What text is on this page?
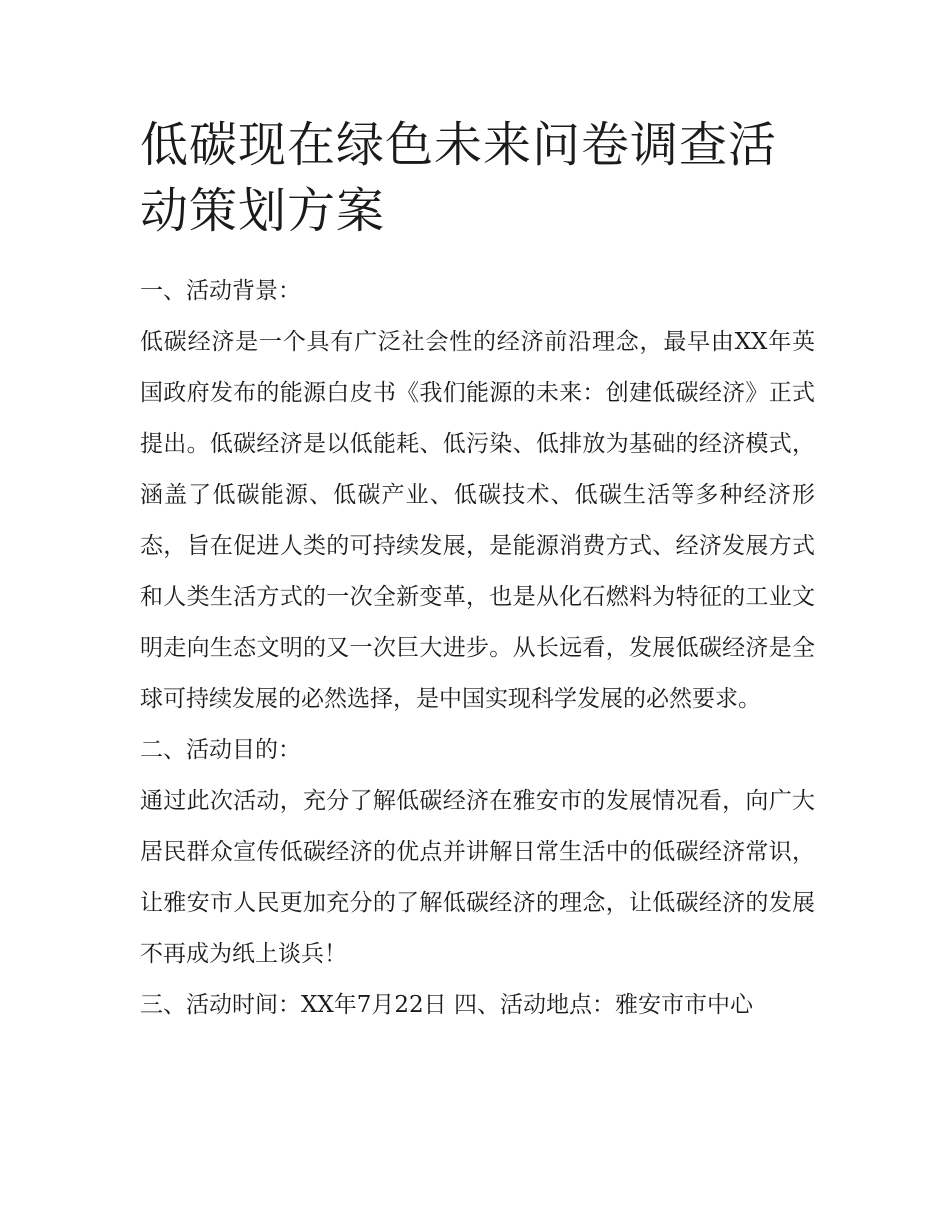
低碳现在绿色未来问卷调查活动策划方案

一、活动背景：

低碳经济是一个具有广泛社会性的经济前沿理念，最早由XX年英国政府发布的能源白皮书《我们能源的未来：创建低碳经济》正式提出。低碳经济是以低能耗、低污染、低排放为基础的经济模式，涵盖了低碳能源、低碳产业、低碳技术、低碳生活等多种经济形态，旨在促进人类的可持续发展，是能源消费方式、经济发展方式和人类生活方式的一次全新变革，也是从化石燃料为特征的工业文明走向生态文明的又一次巨大进步。从长远看，发展低碳经济是全球可持续发展的必然选择，是中国实现科学发展的必然要求。

二、活动目的：

通过此次活动，充分了解低碳经济在雅安市的发展情况看，向广大居民群众宣传低碳经济的优点并讲解日常生活中的低碳经济常识，让雅安市人民更加充分的了解低碳经济的理念，让低碳经济的发展不再成为纸上谈兵！

三、活动时间：XX年7月22日 四、活动地点：雅安市市中心
